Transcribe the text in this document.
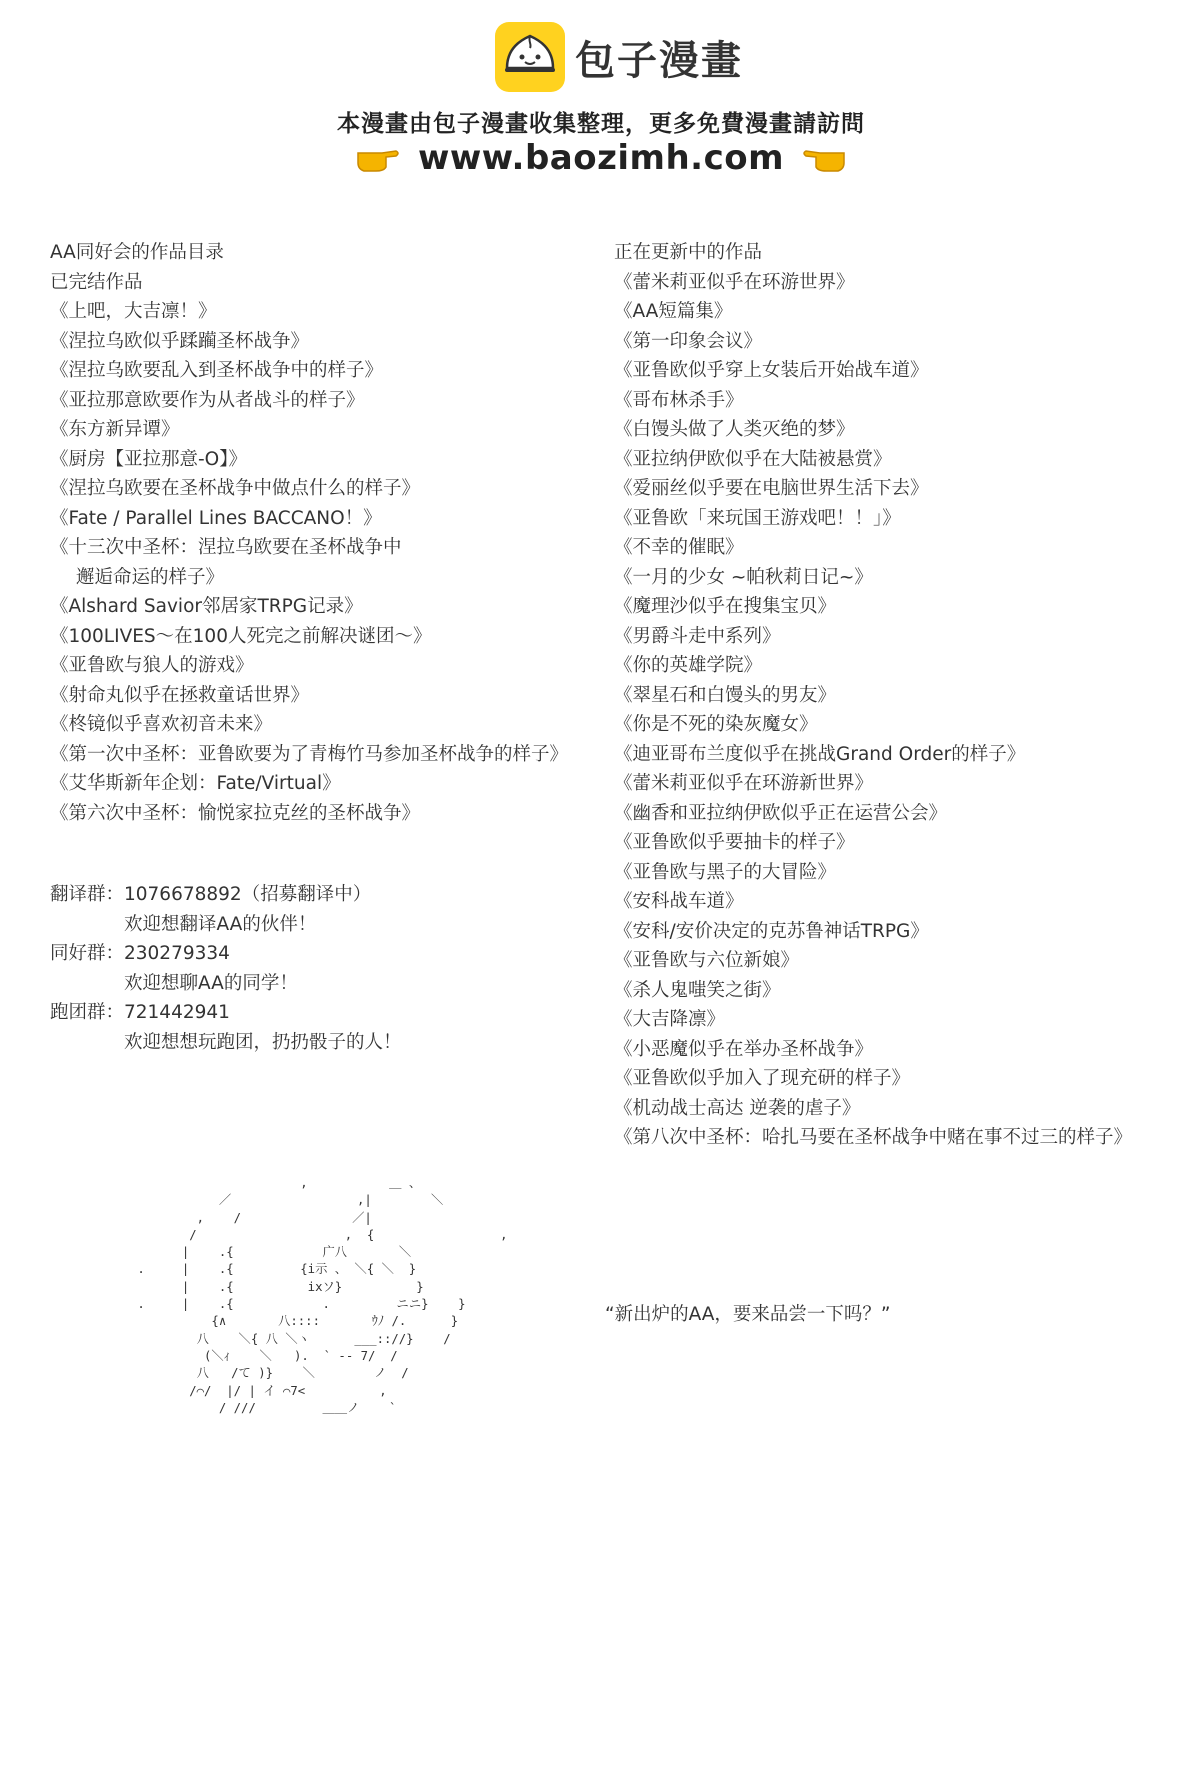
包子漫畫
本漫畫由包子漫畫收集整理，更多免費漫畫請訪問
www.baozimh.com
AA同好会的作品目录
已完结作品
《上吧，大吉凛！》
《涅拉乌欧似乎蹂躏圣杯战争》
《涅拉乌欧要乱入到圣杯战争中的样子》
《亚拉那意欧要作为从者战斗的样子》
《东方新异谭》
《厨房【亚拉那意-O】》
《涅拉乌欧要在圣杯战争中做点什么的样子》
《Fate / Parallel Lines BACCANO！》
《十三次中圣杯：涅拉乌欧要在圣杯战争中
邂逅命运的样子》
《Alshard Savior邻居家TRPG记录》
《100LIVES～在100人死完之前解决谜团～》
《亚鲁欧与狼人的游戏》
《射命丸似乎在拯救童话世界》
《柊镜似乎喜欢初音未来》
《第一次中圣杯：亚鲁欧要为了青梅竹马参加圣杯战争的样子》
《艾华斯新年企划：Fate/Virtual》
《第六次中圣杯：愉悦家拉克丝的圣杯战争》
翻译群： 1076678892（招募翻译中）
欢迎想翻译AA的伙伴！
同好群： 230279334
欢迎想聊AA的同学！
跑团群： 721442941
欢迎想想玩跑团，扔扔骰子的人！
正在更新中的作品
《蕾米莉亚似乎在环游世界》
《AA短篇集》
《第一印象会议》
《亚鲁欧似乎穿上女装后开始战车道》
《哥布林杀手》
《白馒头做了人类灭绝的梦》
《亚拉纳伊欧似乎在大陆被悬赏》
《爱丽丝似乎要在电脑世界生活下去》
《亚鲁欧「来玩国王游戏吧！！」》
《不幸的催眠》
《一月的少女 ~帕秋莉日记~》
《魔理沙似乎在搜集宝贝》
《男爵斗走中系列》
《你的英雄学院》
《翠星石和白馒头的男友》
《你是不死的染灰魔女》
《迪亚哥布兰度似乎在挑战Grand Order的样子》
《蕾米莉亚似乎在环游新世界》
《幽香和亚拉纳伊欧似乎正在运营公会》
《亚鲁欧似乎要抽卡的样子》
《亚鲁欧与黑子的大冒险》
《安科战车道》
《安科/安价决定的克苏鲁神话TRPG》
《亚鲁欧与六位新娘》
《杀人鬼嗤笑之街》
《大吉降凛》
《小恶魔似乎在举办圣杯战争》
《亚鲁欧似乎加入了现充研的样子》
《机动战士高达 逆袭的虐子》
《第八次中圣杯：哈扎马要在圣杯战争中赌在事不过三的样子》
,           ＿ 、
／                 ,|        ＼
,    /               ／|
/                    ,  {                 ,
|    .{            广八       ＼
.     |    .{         {i示 、 ＼{ ＼  }
|    .{          ixソ}          }
.     |    .{            .         ニニ}    }
{∧       八::::       ｳﾉ /.      }
八    ＼{ 八 ＼ヽ      ___:://}    /
(＼ｨ    ＼   ).  ` -- 7/  /
八   /て )}    ＼        ノ  /
/⌒/  |/ | イ ⌒7<          ,
/ ///         ＿＿ノ    `
“新出炉的AA，要来品尝一下吗？”
